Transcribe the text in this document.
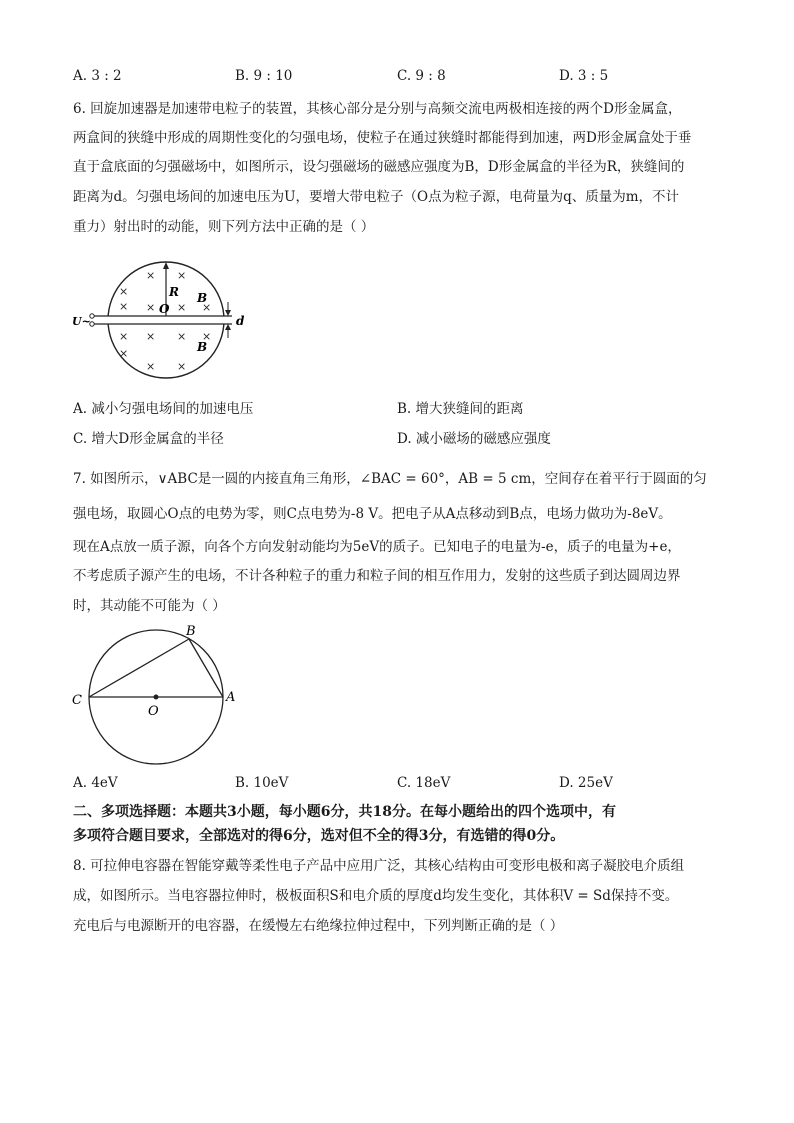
A. 3 : 2	B. 9 : 10	C. 9 : 8	D. 3 : 5
6. 回旋加速器是加速带电粒子的装置，其核心部分是分别与高频交流电两极相连接的两个D形金属盒，
两盒间的狭缝中形成的周期性变化的匀强电场，使粒子在通过狭缝时都能得到加速，两D形金属盒处于垂
直于盒底面的匀强磁场中，如图所示，设匀强磁场的磁感应强度为B，D形金属盒的半径为R，狭缝间的
距离为d。匀强电场间的加速电压为U，要增大带电粒子（O点为粒子源，电荷量为q、质量为m，不计
重力）射出时的动能，则下列方法中正确的是（ ）
U~
R
O
B
B
d
× ×
×
× × × ×
× × × ×
×
× ×
A. 减小匀强电场间的加速电压	B. 增大狭缝间的距离
C. 增大D形金属盒的半径	D. 减小磁场的磁感应强度
7. 如图所示，∨ABC是一圆的内接直角三角形，∠BAC = 60°，AB = 5 cm，空间存在着平行于圆面的匀
强电场，取圆心O点的电势为零，则C点电势为-8 V。把电子从A点移动到B点，电场力做功为-8eV。
现在A点放一质子源，向各个方向发射动能均为5eV的质子。已知电子的电量为-e，质子的电量为+e，
不考虑质子源产生的电场，不计各种粒子的重力和粒子间的相互作用力，发射的这些质子到达圆周边界
时，其动能不可能为（ ）
B
C	A
O
A. 4eV	B. 10eV	C. 18eV	D. 25eV
二、多项选择题：本题共3小题，每小题6分，共18分。在每小题给出的四个选项中，有
多项符合题目要求，全部选对的得6分，选对但不全的得3分，有选错的得0分。
8. 可拉伸电容器在智能穿戴等柔性电子产品中应用广泛，其核心结构由可变形电极和离子凝胶电介质组
成，如图所示。当电容器拉伸时，极板面积S和电介质的厚度d均发生变化，其体积V = Sd保持不变。
充电后与电源断开的电容器，在缓慢左右绝缘拉伸过程中，下列判断正确的是（ ）
